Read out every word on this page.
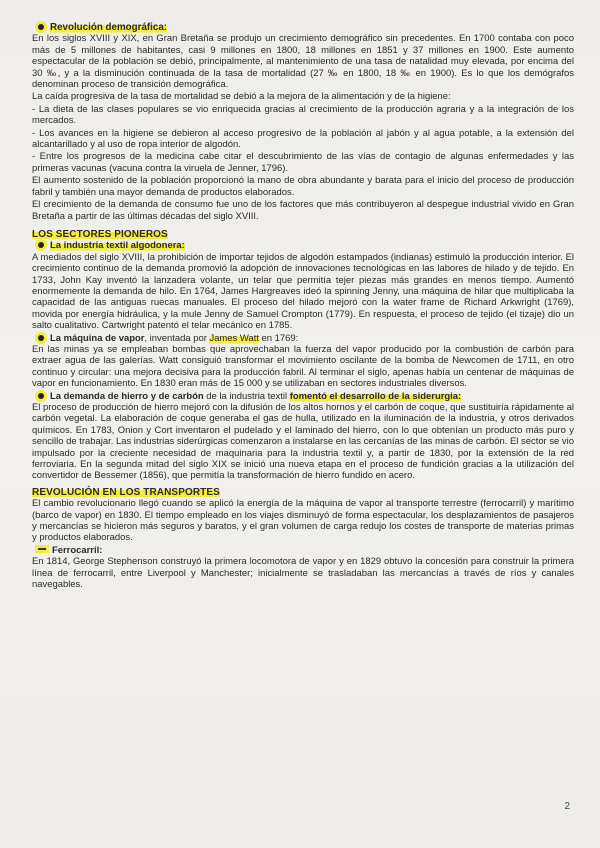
Revolución demográfica:

En los siglos XVIII y XIX, en Gran Bretaña se produjo un crecimiento demográfico sin precedentes. En 1700 contaba con poco más de 5 millones de habitantes, casi 9 millones en 1800, 18 millones en 1851 y 37 millones en 1900. Este aumento espectacular de la población se debió, principalmente, al mantenimiento de una tasa de natalidad muy elevada, por encima del 30 ‰, y a la disminución continuada de la tasa de mortalidad (27 ‰ en 1800, 18 ‰ en 1900). Es lo que los demógrafos denominan proceso de transición demográfica.

La caída progresiva de la tasa de mortalidad se debió a la mejora de la alimentación y de la higiene:

- La dieta de las clases populares se vio enriquecida gracias al crecimiento de la producción agraria y a la integración de los mercados.

- Los avances en la higiene se debieron al acceso progresivo de la población al jabón y al agua potable, a la extensión del alcantarillado y al uso de ropa interior de algodón.

- Entre los progresos de la medicina cabe citar el descubrimiento de las vías de contagio de algunas enfermedades y las primeras vacunas (vacuna contra la viruela de Jenner, 1796).

El aumento sostenido de la población proporcionó la mano de obra abundante y barata para el inicio del proceso de producción fabril y también una mayor demanda de productos elaborados.

El crecimiento de la demanda de consumo fue uno de los factores que más contribuyeron al despegue industrial vivido en Gran Bretaña a partir de las últimas décadas del siglo XVIII.

LOS SECTORES PIONEROS

La industria textil algodonera:

A mediados del siglo XVIII, la prohibición de importar tejidos de algodón estampados (indianas) estimuló la producción interior. El crecimiento continuo de la demanda promovió la adopción de innovaciones tecnológicas en las labores de hilado y de tejido. En 1733, John Kay inventó la lanzadera volante, un telar que permitía tejer piezas más grandes en menos tiempo. Aumentó enormemente la demanda de hilo. En 1764, James Hargreaves ideó la spinning Jenny, una máquina de hilar que multiplicaba la capacidad de las antiguas ruecas manuales. El proceso del hilado mejoró con la water frame de Richard Arkwright (1769), movida por energía hidráulica, y la mule Jenny de Samuel Crompton (1779). En respuesta, el proceso de tejido (el tizaje) dio un salto cualitativo. Cartwright patentó el telar mecánico en 1785.

La máquina de vapor, inventada por James Watt en 1769:

En las minas ya se empleaban bombas que aprovechaban la fuerza del vapor producido por la combustión de carbón para extraer agua de las galerías. Watt consiguió transformar el movimiento oscilante de la bomba de Newcomen de 1711, en otro continuo y circular: una mejora decisiva para la producción fabril. Al terminar el siglo, apenas había un centenar de máquinas de vapor en funcionamiento. En 1830 eran más de 15 000 y se utilizaban en sectores industriales diversos.

La demanda de hierro y de carbón de la industria textil fomentó el desarrollo de la siderurgia:

El proceso de producción de hierro mejoró con la difusión de los altos hornos y el carbón de coque, que sustituiría rápidamente al carbón vegetal. La elaboración de coque generaba el gas de hulla, utilizado en la iluminación de la industria, y otros derivados químicos. En 1783, Onion y Cort inventaron el pudelado y el laminado del hierro, con lo que obtenían un producto más puro y sencillo de trabajar. Las industrias siderúrgicas comenzaron a instalarse en las cercanías de las minas de carbón. El sector se vio impulsado por la creciente necesidad de maquinaria para la industria textil y, a partir de 1830, por la extensión de la red ferroviaria. En la segunda mitad del siglo XIX se inició una nueva etapa en el proceso de fundición gracias a la utilización del convertidor de Bessemer (1856), que permitía la transformación de hierro fundido en acero.

REVOLUCIÓN EN LOS TRANSPORTES

El cambio revolucionario llegó cuando se aplicó la energía de la máquina de vapor al transporte terrestre (ferrocarril) y marítimo (barco de vapor) en 1830. El tiempo empleado en los viajes disminuyó de forma espectacular, los desplazamientos de pasajeros y mercancías se hicieron más seguros y baratos, y el gran volumen de carga redujo los costes de transporte de materias primas y productos elaborados.

Ferrocarril:

En 1814, George Stephenson construyó la primera locomotora de vapor y en 1829 obtuvo la concesión para construir la primera línea de ferrocarril, entre Liverpool y Manchester; inicialmente se trasladaban las mercancías a través de ríos y canales navegables.

2
